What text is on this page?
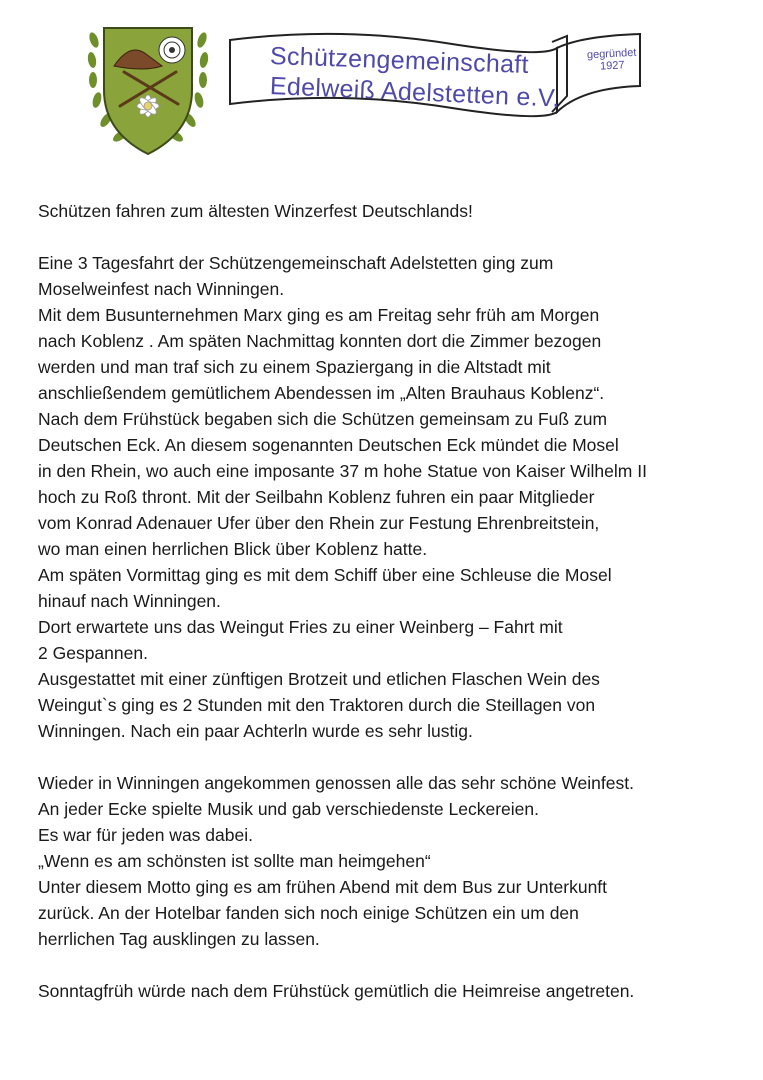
Schützengemeinschaft
Edelweiß Adelstetten e.V.
gegründet
1927

Schützen fahren zum ältesten Winzerfest Deutschlands!

Eine 3 Tagesfahrt der Schützengemeinschaft Adelstetten ging zum
Moselweinfest nach Winningen.
Mit dem Busunternehmen Marx ging es am Freitag sehr früh am Morgen
nach Koblenz . Am späten Nachmittag konnten dort die Zimmer bezogen
werden und man traf sich zu einem Spaziergang in die Altstadt mit
anschließendem gemütlichem Abendessen im „Alten Brauhaus Koblenz“.
Nach dem Frühstück begaben sich die Schützen gemeinsam zu Fuß zum
Deutschen Eck. An diesem sogenannten Deutschen Eck mündet die Mosel
in den Rhein, wo auch eine imposante 37 m hohe Statue von Kaiser Wilhelm II
hoch zu Roß thront. Mit der Seilbahn Koblenz fuhren ein paar Mitglieder
vom Konrad Adenauer Ufer über den Rhein zur Festung Ehrenbreitstein,
wo man einen herrlichen Blick über Koblenz hatte.
Am späten Vormittag ging es mit dem Schiff über eine Schleuse die Mosel
hinauf nach Winningen.
Dort erwartete uns das Weingut Fries zu einer Weinberg – Fahrt mit
2 Gespannen.
Ausgestattet mit einer zünftigen Brotzeit und etlichen Flaschen Wein des
Weingut`s ging es 2 Stunden mit den Traktoren durch die Steillagen von
Winningen. Nach ein paar Achterln wurde es sehr lustig.

Wieder in Winningen angekommen genossen alle das sehr schöne Weinfest.
An jeder Ecke spielte Musik und gab verschiedenste Leckereien.
Es war für jeden was dabei.
„Wenn es am schönsten ist sollte man heimgehen“
Unter diesem Motto ging es am frühen Abend mit dem Bus zur Unterkunft
zurück. An der Hotelbar fanden sich noch einige Schützen ein um den
herrlichen Tag ausklingen zu lassen.

Sonntagfrüh würde nach dem Frühstück gemütlich die Heimreise angetreten.
